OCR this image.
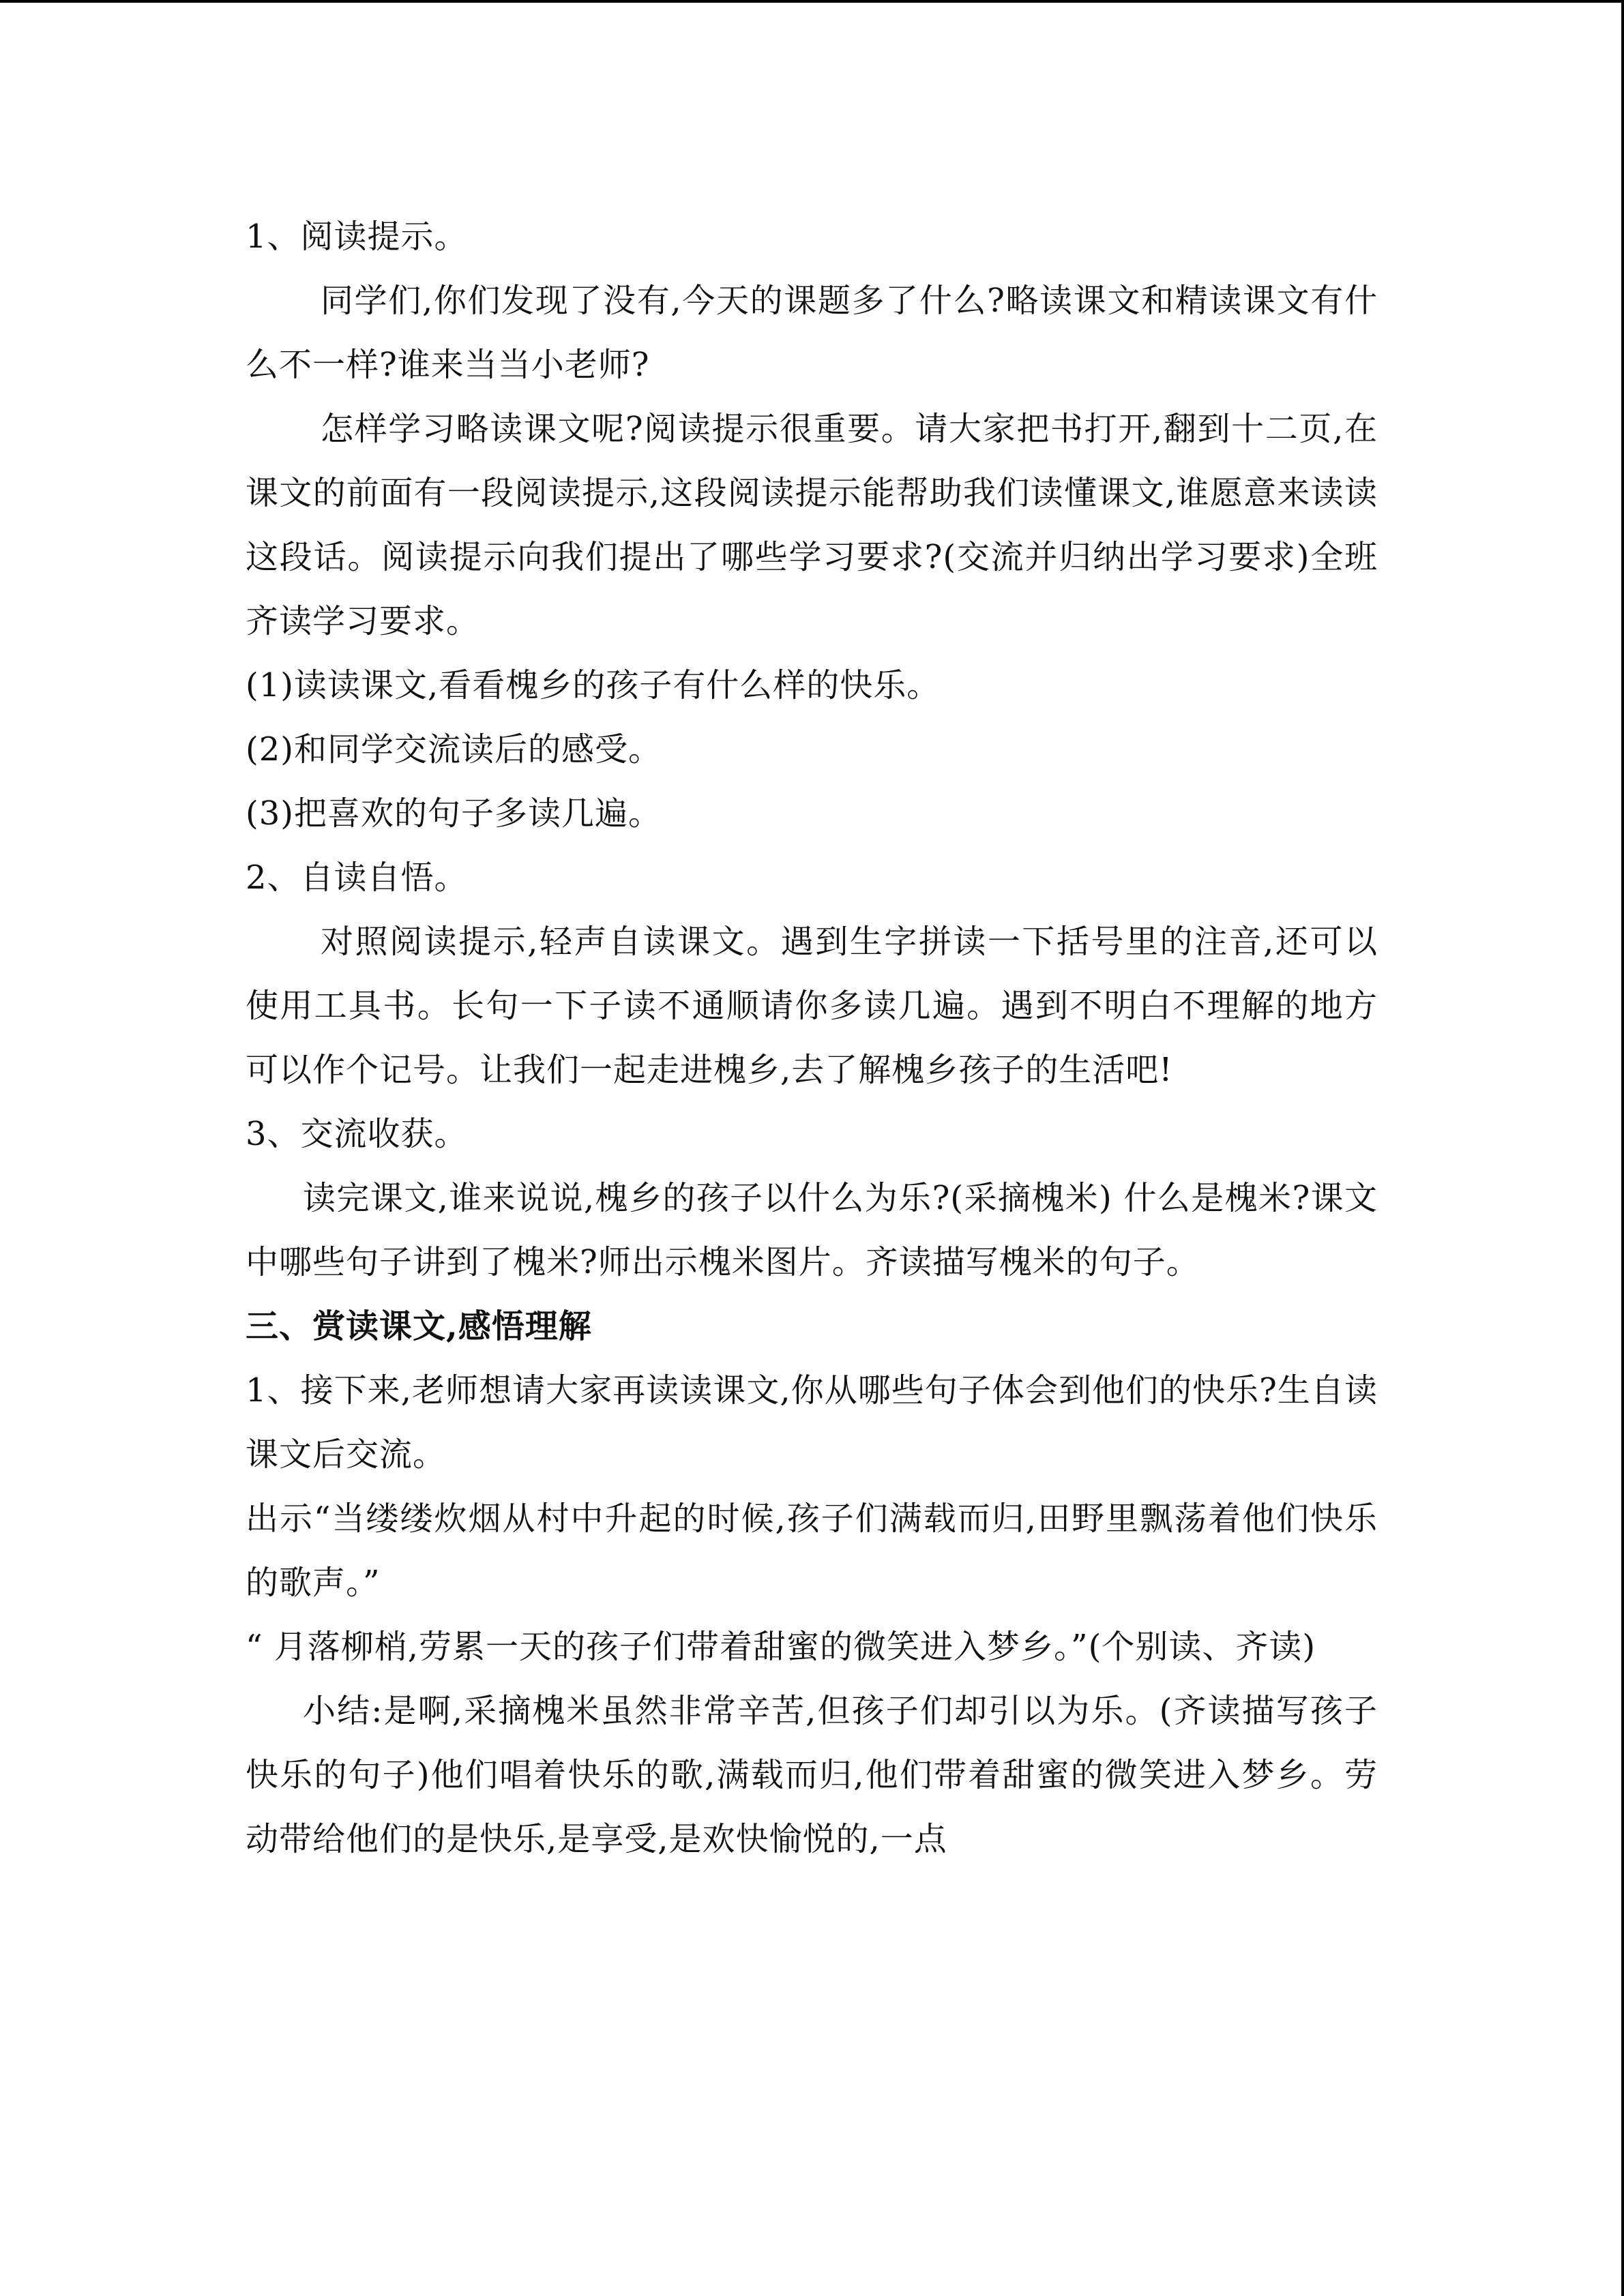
1、阅读提示。

同学们,你们发现了没有,今天的课题多了什么?略读课文和精读课文有什么不一样?谁来当当小老师?

怎样学习略读课文呢?阅读提示很重要。请大家把书打开,翻到十二页,在课文的前面有一段阅读提示,这段阅读提示能帮助我们读懂课文,谁愿意来读读这段话。阅读提示向我们提出了哪些学习要求?(交流并归纳出学习要求)全班齐读学习要求。

(1)读读课文,看看槐乡的孩子有什么样的快乐。

(2)和同学交流读后的感受。

(3)把喜欢的句子多读几遍。

2、自读自悟。

对照阅读提示,轻声自读课文。遇到生字拼读一下括号里的注音,还可以使用工具书。长句一下子读不通顺请你多读几遍。遇到不明白不理解的地方可以作个记号。让我们一起走进槐乡,去了解槐乡孩子的生活吧!

3、交流收获。

读完课文,谁来说说,槐乡的孩子以什么为乐?(采摘槐米) 什么是槐米?课文中哪些句子讲到了槐米?师出示槐米图片。齐读描写槐米的句子。

三、赏读课文,感悟理解

1、接下来,老师想请大家再读读课文,你从哪些句子体会到他们的快乐?生自读课文后交流。

出示“当缕缕炊烟从村中升起的时候,孩子们满载而归,田野里飘荡着他们快乐的歌声。”

“ 月落柳梢,劳累一天的孩子们带着甜蜜的微笑进入梦乡。”(个别读、齐读)

小结:是啊,采摘槐米虽然非常辛苦,但孩子们却引以为乐。(齐读描写孩子快乐的句子)他们唱着快乐的歌,满载而归,他们带着甜蜜的微笑进入梦乡。劳动带给他们的是快乐,是享受,是欢快愉悦的,一点
